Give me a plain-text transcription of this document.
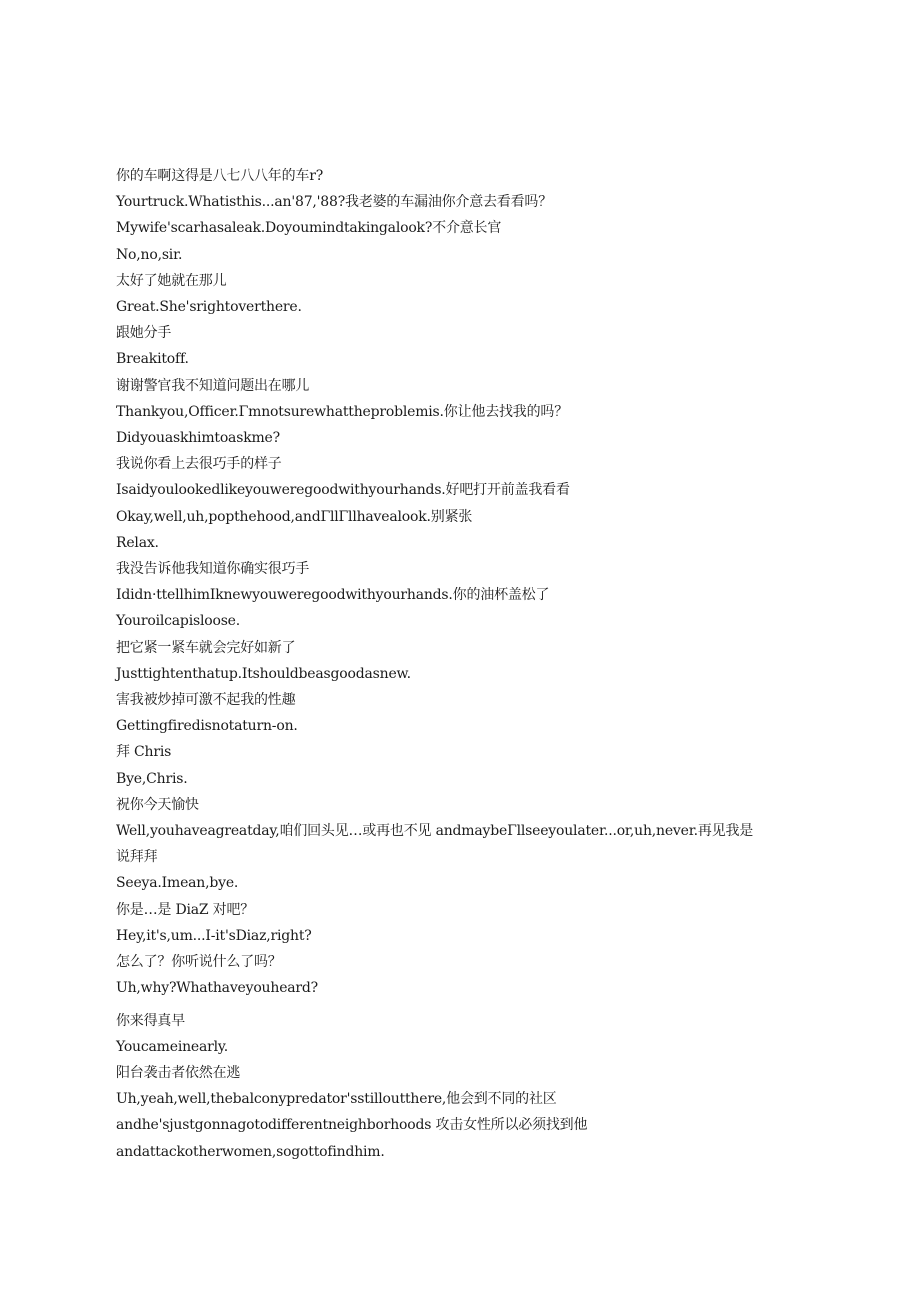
你的车啊这得是八七八八年的车r?
Yourtruck.Whatisthis...an'87,'88?我老婆的车漏油你介意去看看吗？
Mywife'scarhasaleak.Doyoumindtakingalook?不介意长官
No,no,sir.
太好了她就在那儿
Great.She'srightoverthere.
跟她分手
Breakitoff.
谢谢警官我不知道问题出在哪儿
Thankyou,Officer.Γmnotsurewhattheproblemis.你让他去找我的吗？
Didyouaskhimtoaskme?
我说你看上去很巧手的样子
Isaidyoulookedlikeyouweregoodwithyourhands.好吧打开前盖我看看
Okay,well,uh,popthehood,andΓllΓllhavealook.别紧张
Relax.
我没告诉他我知道你确实很巧手
Ididn·ttellhimIknewyouweregoodwithyourhands.你的油杯盖松了
Youroilcapisloose.
把它紧一紧车就会完好如新了
Justtightenthatup.Itshouldbeasgoodasnew.
害我被炒掉可激不起我的性趣
Gettingfiredisnotaturn-on.
拜 Chris
Bye,Chris.
祝你今天愉快
Well,youhaveagreatday,咱们回头见…或再也不见 andmaybeΓllseeyoulater...or,uh,never.再见我是
说拜拜
Seeya.Imean,bye.
你是…是 DiaZ 对吧？
Hey,it's,um...I-it'sDiaz,right?
怎么了？你听说什么了吗？
Uh,why?Whathaveyouheard?
你来得真早
Youcameinearly.
阳台袭击者依然在逃
Uh,yeah,well,thebalconypredator'sstilloutthere,他会到不同的社区
andhe'sjustgonnagotodifferentneighborhoods 攻击女性所以必须找到他
andattackotherwomen,sogottofindhim.
